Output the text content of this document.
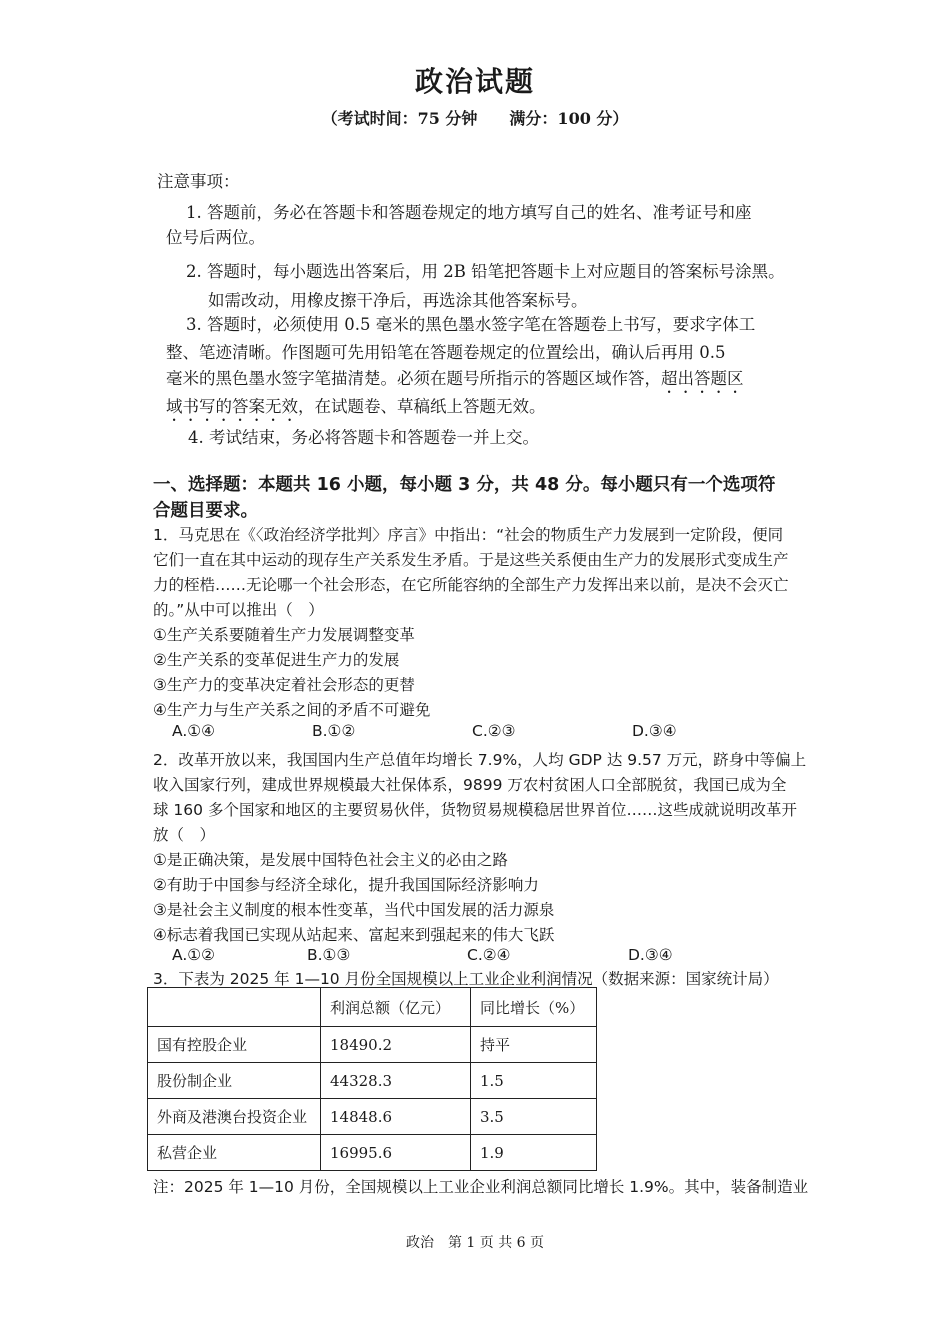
政治试题
（考试时间：75 分钟　　满分：100 分）
注意事项：
1. 答题前，务必在答题卡和答题卷规定的地方填写自己的姓名、准考证号和座
位号后两位。
2. 答题时，每小题选出答案后，用 2B 铅笔把答题卡上对应题目的答案标号涂黑。
如需改动，用橡皮擦干净后，再选涂其他答案标号。
3. 答题时，必须使用 0.5 毫米的黑色墨水签字笔在答题卷上书写，要求字体工
整、笔迹清晰。作图题可先用铅笔在答题卷规定的位置绘出，确认后再用 0.5
毫米的黑色墨水签字笔描清楚。必须在题号所指示的答题区域作答，超出答题区
域书写的答案无效，在试题卷、草稿纸上答题无效。
4. 考试结束，务必将答题卡和答题卷一并上交。
一、选择题：本题共 16 小题，每小题 3 分，共 48 分。每小题只有一个选项符
合题目要求。
1．马克思在《〈政治经济学批判〉序言》中指出：“社会的物质生产力发展到一定阶段，便同
它们一直在其中运动的现存生产关系发生矛盾。于是这些关系便由生产力的发展形式变成生产
力的桎梏……无论哪一个社会形态，在它所能容纳的全部生产力发挥出来以前，是决不会灭亡
的。”从中可以推出（　）
①生产关系要随着生产力发展调整变革
②生产关系的变革促进生产力的发展
③生产力的变革决定着社会形态的更替
④生产力与生产关系之间的矛盾不可避免
A.①④	B.①②	C.②③	D.③④
2．改革开放以来，我国国内生产总值年均增长 7.9%，人均 GDP 达 9.57 万元，跻身中等偏上
收入国家行列，建成世界规模最大社保体系，9899 万农村贫困人口全部脱贫，我国已成为全
球 160 多个国家和地区的主要贸易伙伴，货物贸易规模稳居世界首位……这些成就说明改革开
放（　）
①是正确决策，是发展中国特色社会主义的必由之路
②有助于中国参与经济全球化，提升我国国际经济影响力
③是社会主义制度的根本性变革，当代中国发展的活力源泉
④标志着我国已实现从站起来、富起来到强起来的伟大飞跃
A.①②	B.①③	C.②④	D.③④
3．下表为 2025 年 1—10 月份全国规模以上工业企业利润情况（数据来源：国家统计局）
	利润总额（亿元）	同比增长（%）
国有控股企业	18490.2	持平
股份制企业	44328.3	1.5
外商及港澳台投资企业	14848.6	3.5
私营企业	16995.6	1.9
注：2025 年 1—10 月份，全国规模以上工业企业利润总额同比增长 1.9%。其中，装备制造业
政治　第 1 页 共 6 页
